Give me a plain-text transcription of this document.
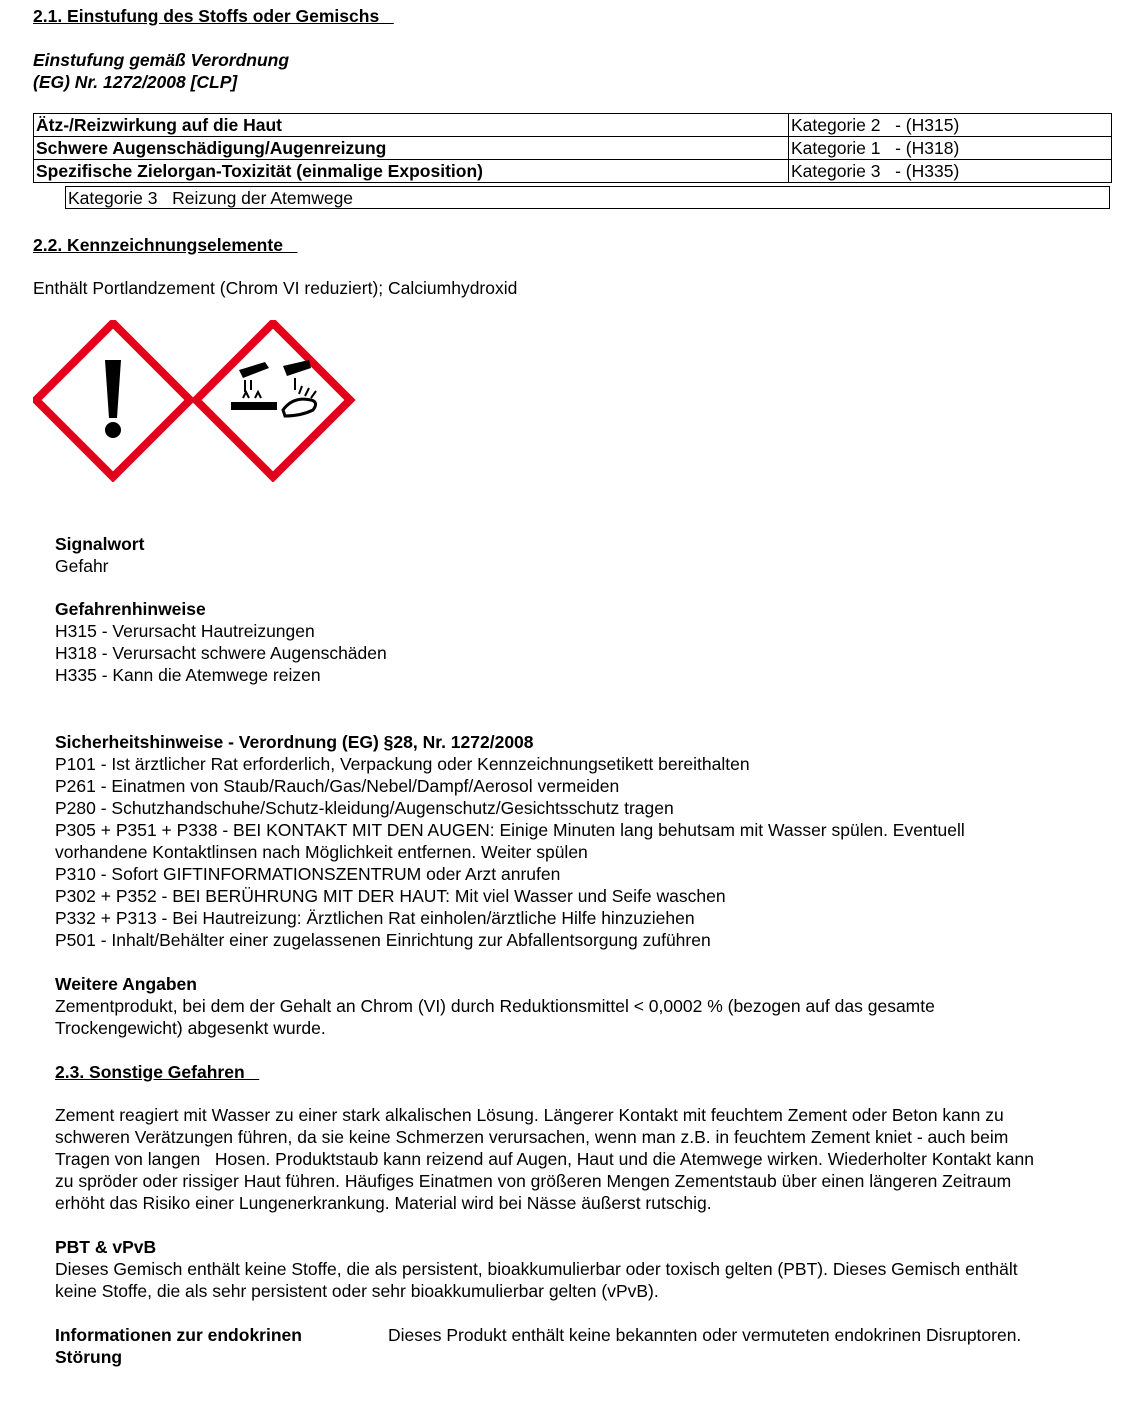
2.1. Einstufung des Stoffs oder Gemischs
Einstufung gemäß Verordnung
(EG) Nr. 1272/2008 [CLP]
Ätz-/Reizwirkung auf die Haut	Kategorie 2   - (H315)
Schwere Augenschädigung/Augenreizung	Kategorie 1   - (H318)
Spezifische Zielorgan-Toxizität (einmalige Exposition)	Kategorie 3   - (H335)
Kategorie 3   Reizung der Atemwege
2.2. Kennzeichnungselemente
Enthält Portlandzement (Chrom VI reduziert); Calciumhydroxid
Signalwort
Gefahr
Gefahrenhinweise
H315 - Verursacht Hautreizungen
H318 - Verursacht schwere Augenschäden
H335 - Kann die Atemwege reizen
Sicherheitshinweise - Verordnung (EG) §28, Nr. 1272/2008
P101 - Ist ärztlicher Rat erforderlich, Verpackung oder Kennzeichnungsetikett bereithalten
P261 - Einatmen von Staub/Rauch/Gas/Nebel/Dampf/Aerosol vermeiden
P280 - Schutzhandschuhe/Schutz-kleidung/Augenschutz/Gesichtsschutz tragen
P305 + P351 + P338 - BEI KONTAKT MIT DEN AUGEN: Einige Minuten lang behutsam mit Wasser spülen. Eventuell
vorhandene Kontaktlinsen nach Möglichkeit entfernen. Weiter spülen
P310 - Sofort GIFTINFORMATIONSZENTRUM oder Arzt anrufen
P302 + P352 - BEI BERÜHRUNG MIT DER HAUT: Mit viel Wasser und Seife waschen
P332 + P313 - Bei Hautreizung: Ärztlichen Rat einholen/ärztliche Hilfe hinzuziehen
P501 - Inhalt/Behälter einer zugelassenen Einrichtung zur Abfallentsorgung zuführen
Weitere Angaben
Zementprodukt, bei dem der Gehalt an Chrom (VI) durch Reduktionsmittel < 0,0002 % (bezogen auf das gesamte
Trockengewicht) abgesenkt wurde.
2.3. Sonstige Gefahren
Zement reagiert mit Wasser zu einer stark alkalischen Lösung. Längerer Kontakt mit feuchtem Zement oder Beton kann zu
schweren Verätzungen führen, da sie keine Schmerzen verursachen, wenn man z.B. in feuchtem Zement kniet - auch beim
Tragen von langen   Hosen. Produktstaub kann reizend auf Augen, Haut und die Atemwege wirken. Wiederholter Kontakt kann
zu spröder oder rissiger Haut führen. Häufiges Einatmen von größeren Mengen Zementstaub über einen längeren Zeitraum
erhöht das Risiko einer Lungenerkrankung. Material wird bei Nässe äußerst rutschig.
PBT & vPvB
Dieses Gemisch enthält keine Stoffe, die als persistent, bioakkumulierbar oder toxisch gelten (PBT). Dieses Gemisch enthält
keine Stoffe, die als sehr persistent oder sehr bioakkumulierbar gelten (vPvB).
Informationen zur endokrinen
Störung
Dieses Produkt enthält keine bekannten oder vermuteten endokrinen Disruptoren.
